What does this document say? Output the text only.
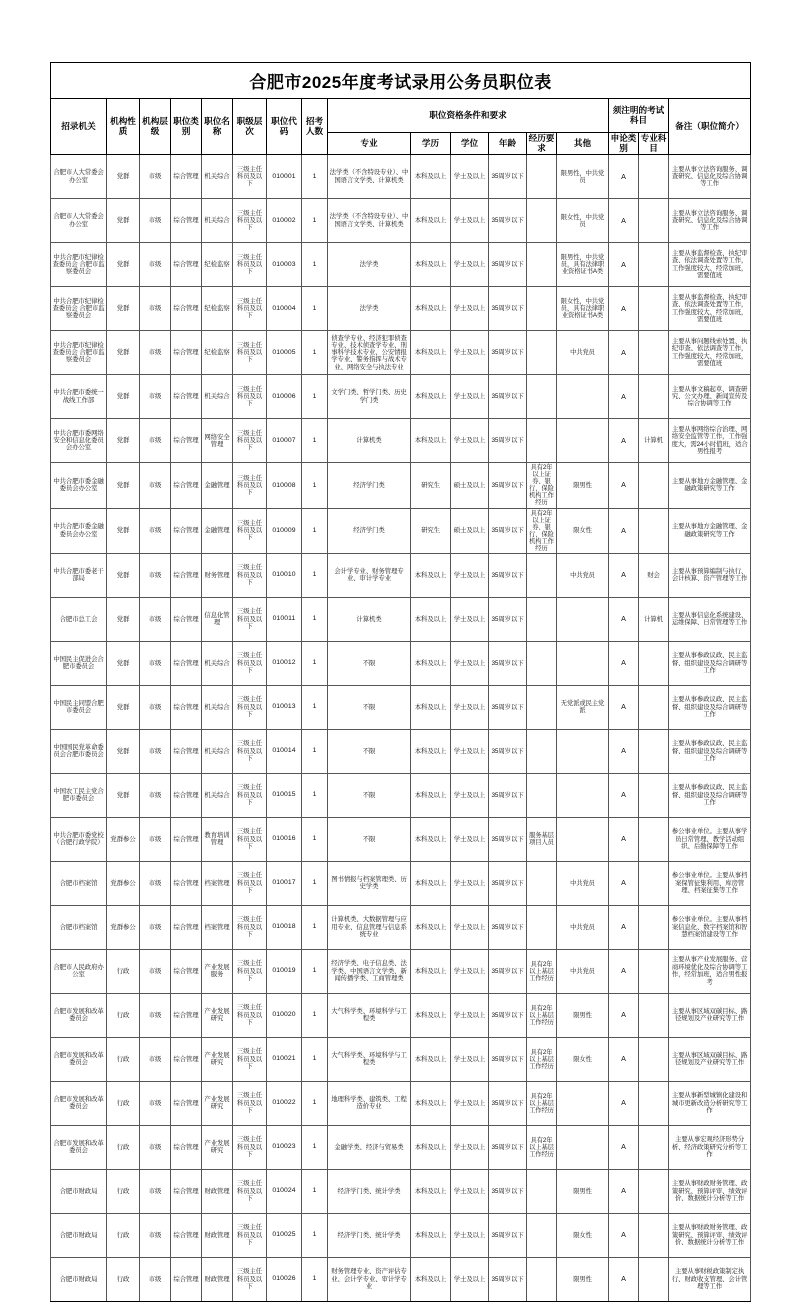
合肥市2025年度考试录用公务员职位表																
招录机关	机构性质	机构层级	职位类别	职位名称	职级层次	职位代码	招考人数	职位资格条件和要求						须注明的考试科目		备注（职位简介）
								专业	学历	学位	年龄	经历要求	其他	申论类别	专业科目	
合肥市人大常委会办公室	党群	市级	综合管理	机关综合	三级主任科员及以下	010001	1	法学类（不含特设专业）、中国语言文学类、计算机类	本科及以上	学士及以上	35周岁以下		限男性，中共党员	A		主要从事立法咨询服务、调查研究、信息化及综合协调等工作
合肥市人大常委会办公室	党群	市级	综合管理	机关综合	三级主任科员及以下	010002	1	法学类（不含特设专业）、中国语言文学类、计算机类	本科及以上	学士及以上	35周岁以下		限女性，中共党员	A		主要从事立法咨询服务、调查研究、信息化及综合协调等工作
中共合肥市纪律检查委员会 合肥市监察委员会	党群	市级	综合管理	纪检监察	三级主任科员及以下	010003	1	法学类	本科及以上	学士及以上	35周岁以下		限男性，中共党员，具有法律职业资格证书A类	A		主要从事监督检查、执纪审查、依法调查处置等工作，工作强度较大、经常加班，需要值班
中共合肥市纪律检查委员会 合肥市监察委员会	党群	市级	综合管理	纪检监察	三级主任科员及以下	010004	1	法学类	本科及以上	学士及以上	35周岁以下		限女性，中共党员，具有法律职业资格证书A类	A		主要从事监督检查、执纪审查、依法调查处置等工作，工作强度较大、经常加班，需要值班
中共合肥市纪律检查委员会 合肥市监察委员会	党群	市级	综合管理	纪检监察	三级主任科员及以下	010005	1	侦查学专业、经济犯罪侦查专业、技术侦查学专业、刑事科学技术专业、公安情报学专业、警务指挥与战术专业、网络安全与执法专业	本科及以上	学士及以上	35周岁以下		中共党员	A		主要从事问题线索处置、执纪审查、依法调查等工作，工作强度较大、经常加班，需要值班
中共合肥市委统一战线工作部	党群	市级	综合管理	机关综合	三级主任科员及以下	010006	1	文学门类、哲学门类、历史学门类	本科及以上	学士及以上	35周岁以下			A		主要从事文稿起草、调查研究、公文办理、新闻宣传及综合协调等工作
中共合肥市委网络安全和信息化委员会办公室	党群	市级	综合管理	网络安全管理	三级主任科员及以下	010007	1	计算机类	本科及以上	学士及以上	35周岁以下			A	计算机	主要从事网络综合治理、网络安全监管等工作，工作强度大，需24小时值班，适合男性报考
中共合肥市委金融委员会办公室	党群	市级	综合管理	金融管理	三级主任科员及以下	010008	1	经济学门类	研究生	硕士及以上	35周岁以下	具有2年以上证券、银行、保险机构工作经历	限男性	A		主要从事地方金融管理、金融政策研究等工作
中共合肥市委金融委员会办公室	党群	市级	综合管理	金融管理	三级主任科员及以下	010009	1	经济学门类	研究生	硕士及以上	35周岁以下	具有2年以上证券、银行、保险机构工作经历	限女性	A		主要从事地方金融管理、金融政策研究等工作
中共合肥市委老干部局	党群	市级	综合管理	财务管理	三级主任科员及以下	010010	1	会计学专业、财务管理专业、审计学专业	本科及以上	学士及以上	35周岁以下		中共党员	A	财会	主要从事预算编制与执行、会计核算、资产管理等工作
合肥市总工会	党群	市级	综合管理	信息化管理	三级主任科员及以下	010011	1	计算机类	本科及以上	学士及以上	35周岁以下			A	计算机	主要从事信息化系统建设、运维保障、日常管理等工作
中国民主促进会合肥市委员会	党群	市级	综合管理	机关综合	三级主任科员及以下	010012	1	不限	本科及以上	学士及以上	35周岁以下			A		主要从事参政议政、民主监督、组织建设及综合调研等工作
中国民主同盟合肥市委员会	党群	市级	综合管理	机关综合	三级主任科员及以下	010013	1	不限	本科及以上	学士及以上	35周岁以下		无党派或民主党派	A		主要从事参政议政、民主监督、组织建设及综合调研等工作
中国国民党革命委员会合肥市委员会	党群	市级	综合管理	机关综合	三级主任科员及以下	010014	1	不限	本科及以上	学士及以上	35周岁以下			A		主要从事参政议政、民主监督、组织建设及综合调研等工作
中国农工民主党合肥市委员会	党群	市级	综合管理	机关综合	三级主任科员及以下	010015	1	不限	本科及以上	学士及以上	35周岁以下			A		主要从事参政议政、民主监督、组织建设及综合调研等工作
中共合肥市委党校（合肥行政学院）	党群参公	市级	综合管理	教育培训管理	三级主任科员及以下	010016	1	不限	本科及以上	学士及以上	35周岁以下	服务基层项目人员		A		参公事业单位。主要从事学员日常管理、教学活动组织、后勤保障等工作
合肥市档案馆	党群参公	市级	综合管理	档案管理	三级主任科员及以下	010017	1	图书情报与档案管理类、历史学类	本科及以上	学士及以上	35周岁以下		中共党员	A		参公事业单位。主要从事档案保管征集利用、库房管理、档案征集等工作
合肥市档案馆	党群参公	市级	综合管理	档案管理	三级主任科员及以下	010018	1	计算机类、大数据管理与应用专业、信息管理与信息系统专业	本科及以上	学士及以上	35周岁以下		中共党员	A		参公事业单位。主要从事档案信息化、数字档案馆和智慧档案馆建设等工作
合肥市人民政府办公室	行政	市级	综合管理	产业发展服务	三级主任科员及以下	010019	1	经济学类、电子信息类、法学类、中国语言文学类、新闻传播学类、工商管理类	本科及以上	学士及以上	35周岁以下	具有2年以上基层工作经历	中共党员	A		主要从事产业发展服务、营商环境优化及综合协调等工作，经常加班，适合男性报考
合肥市发展和改革委员会	行政	市级	综合管理	产业发展研究	三级主任科员及以下	010020	1	大气科学类、环境科学与工程类	本科及以上	学士及以上	35周岁以下	具有2年以上基层工作经历	限男性	A		主要从事区域双碳目标、路径规划及产业研究等工作
合肥市发展和改革委员会	行政	市级	综合管理	产业发展研究	三级主任科员及以下	010021	1	大气科学类、环境科学与工程类	本科及以上	学士及以上	35周岁以下	具有2年以上基层工作经历	限女性	A		主要从事区域双碳目标、路径规划及产业研究等工作
合肥市发展和改革委员会	行政	市级	综合管理	产业发展研究	三级主任科员及以下	010022	1	地理科学类、建筑类、工程造价专业	本科及以上	学士及以上	35周岁以下	具有2年以上基层工作经历		A		主要从事新型城镇化建设和城市更新改造分析研究等工作
合肥市发展和改革委员会	行政	市级	综合管理	产业发展研究	三级主任科员及以下	010023	1	金融学类、经济与贸易类	本科及以上	学士及以上	35周岁以下	具有2年以上基层工作经历		A		主要从事宏观经济形势分析、经济政策研究分析等工作
合肥市财政局	行政	市级	综合管理	财政管理	三级主任科员及以下	010024	1	经济学门类、统计学类	本科及以上	学士及以上	35周岁以下		限男性	A		主要从事财政财务管理、政策研究、预算评审、绩效评价、数据统计分析等工作
合肥市财政局	行政	市级	综合管理	财政管理	三级主任科员及以下	010025	1	经济学门类、统计学类	本科及以上	学士及以上	35周岁以下		限女性	A		主要从事财政财务管理、政策研究、预算评审、绩效评价、数据统计分析等工作
合肥市财政局	行政	市级	综合管理	财政管理	三级主任科员及以下	010026	1	财务管理专业、资产评估专业、会计学专业、审计学专业	本科及以上	学士及以上	35周岁以下		限男性	A		主要从事财税政策制定执行、财政收支管理、会计管理等工作
